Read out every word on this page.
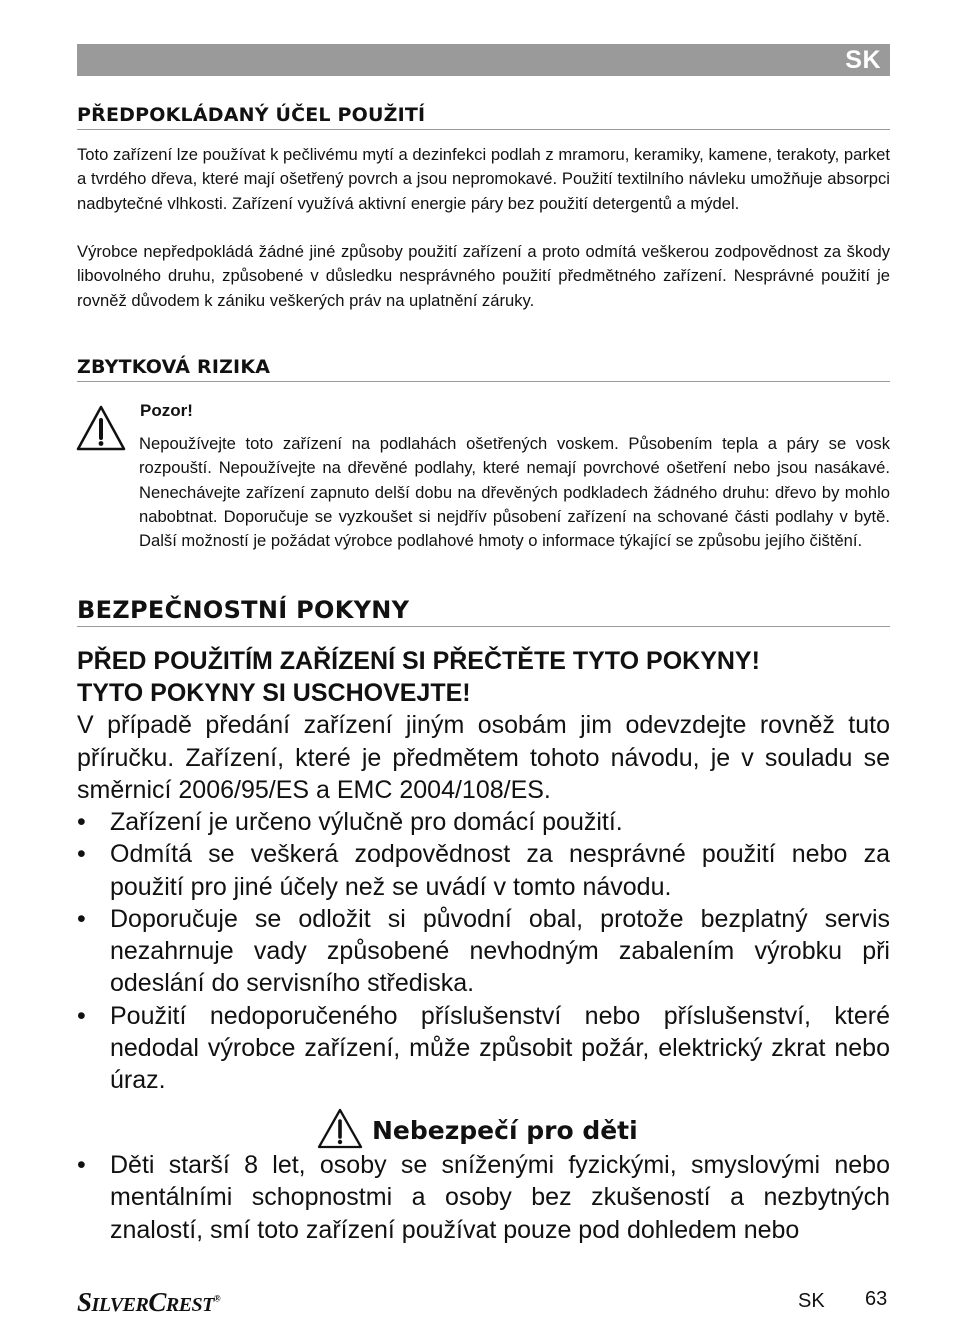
SK
PŘEDPOKLÁDANÝ ÚČEL POUŽITÍ

Toto zařízení lze používat k pečlivému mytí a dezinfekci podlah z mramoru, keramiky, kamene, terakoty, parket a tvrdého dřeva, které mají ošetřený povrch a jsou nepromokavé. Použití textilního návleku umožňuje absorpci nadbytečné vlhkosti. Zařízení využívá aktivní energie páry bez použití detergentů a mýdel.

Výrobce nepředpokládá žádné jiné způsoby použití zařízení a proto odmítá veškerou zodpovědnost za škody libovolného druhu, způsobené v důsledku nesprávného použití předmětného zařízení. Nesprávné použití je rovněž důvodem k zániku veškerých práv na uplatnění záruky.

ZBYTKOVÁ RIZIKA
Pozor!

Nepoužívejte toto zařízení na podlahách ošetřených voskem. Působením tepla a páry se vosk rozpouští. Nepoužívejte na dřevěné podlahy, které nemají povrchové ošetření nebo jsou nasákavé. Nenechávejte zařízení zapnuto delší dobu na dřevěných podkladech žádného druhu: dřevo by mohlo nabobtnat. Doporučuje se vyzkoušet si nejdřív působení zařízení na schované části podlahy v bytě. Další možností je požádat výrobce podlahové hmoty o informace týkající se způsobu jejího čištění.

BEZPEČNOSTNÍ POKYNY

PŘED POUŽITÍM ZAŘÍZENÍ SI PŘEČTĚTE TYTO POKYNY!

TYTO POKYNY SI USCHOVEJTE!

V případě předání zařízení jiným osobám jim odevzdejte rovněž tuto příručku. Zařízení, které je předmětem tohoto návodu, je v souladu se směrnicí 2006/95/ES a EMC 2004/108/ES.

• Zařízení je určeno výlučně pro domácí použití.
• Odmítá se veškerá zodpovědnost za nesprávné použití nebo za použití pro jiné účely než se uvádí v tomto návodu.
• Doporučuje se odložit si původní obal, protože bezplatný servis nezahrnuje vady způsobené nevhodným zabalením výrobku při odeslání do servisního střediska.
• Použití nedoporučeného příslušenství nebo příslušenství, které nedodal výrobce zařízení, může způsobit požár, elektrický zkrat nebo úraz.
Nebezpečí pro děti
• Děti starší 8 let, osoby se sníženými fyzickými, smyslovými nebo mentálními schopnostmi a osoby bez zkušeností a nezbytných znalostí, smí toto zařízení používat pouze pod dohledem nebo
SILVERCREST®	SK 63
